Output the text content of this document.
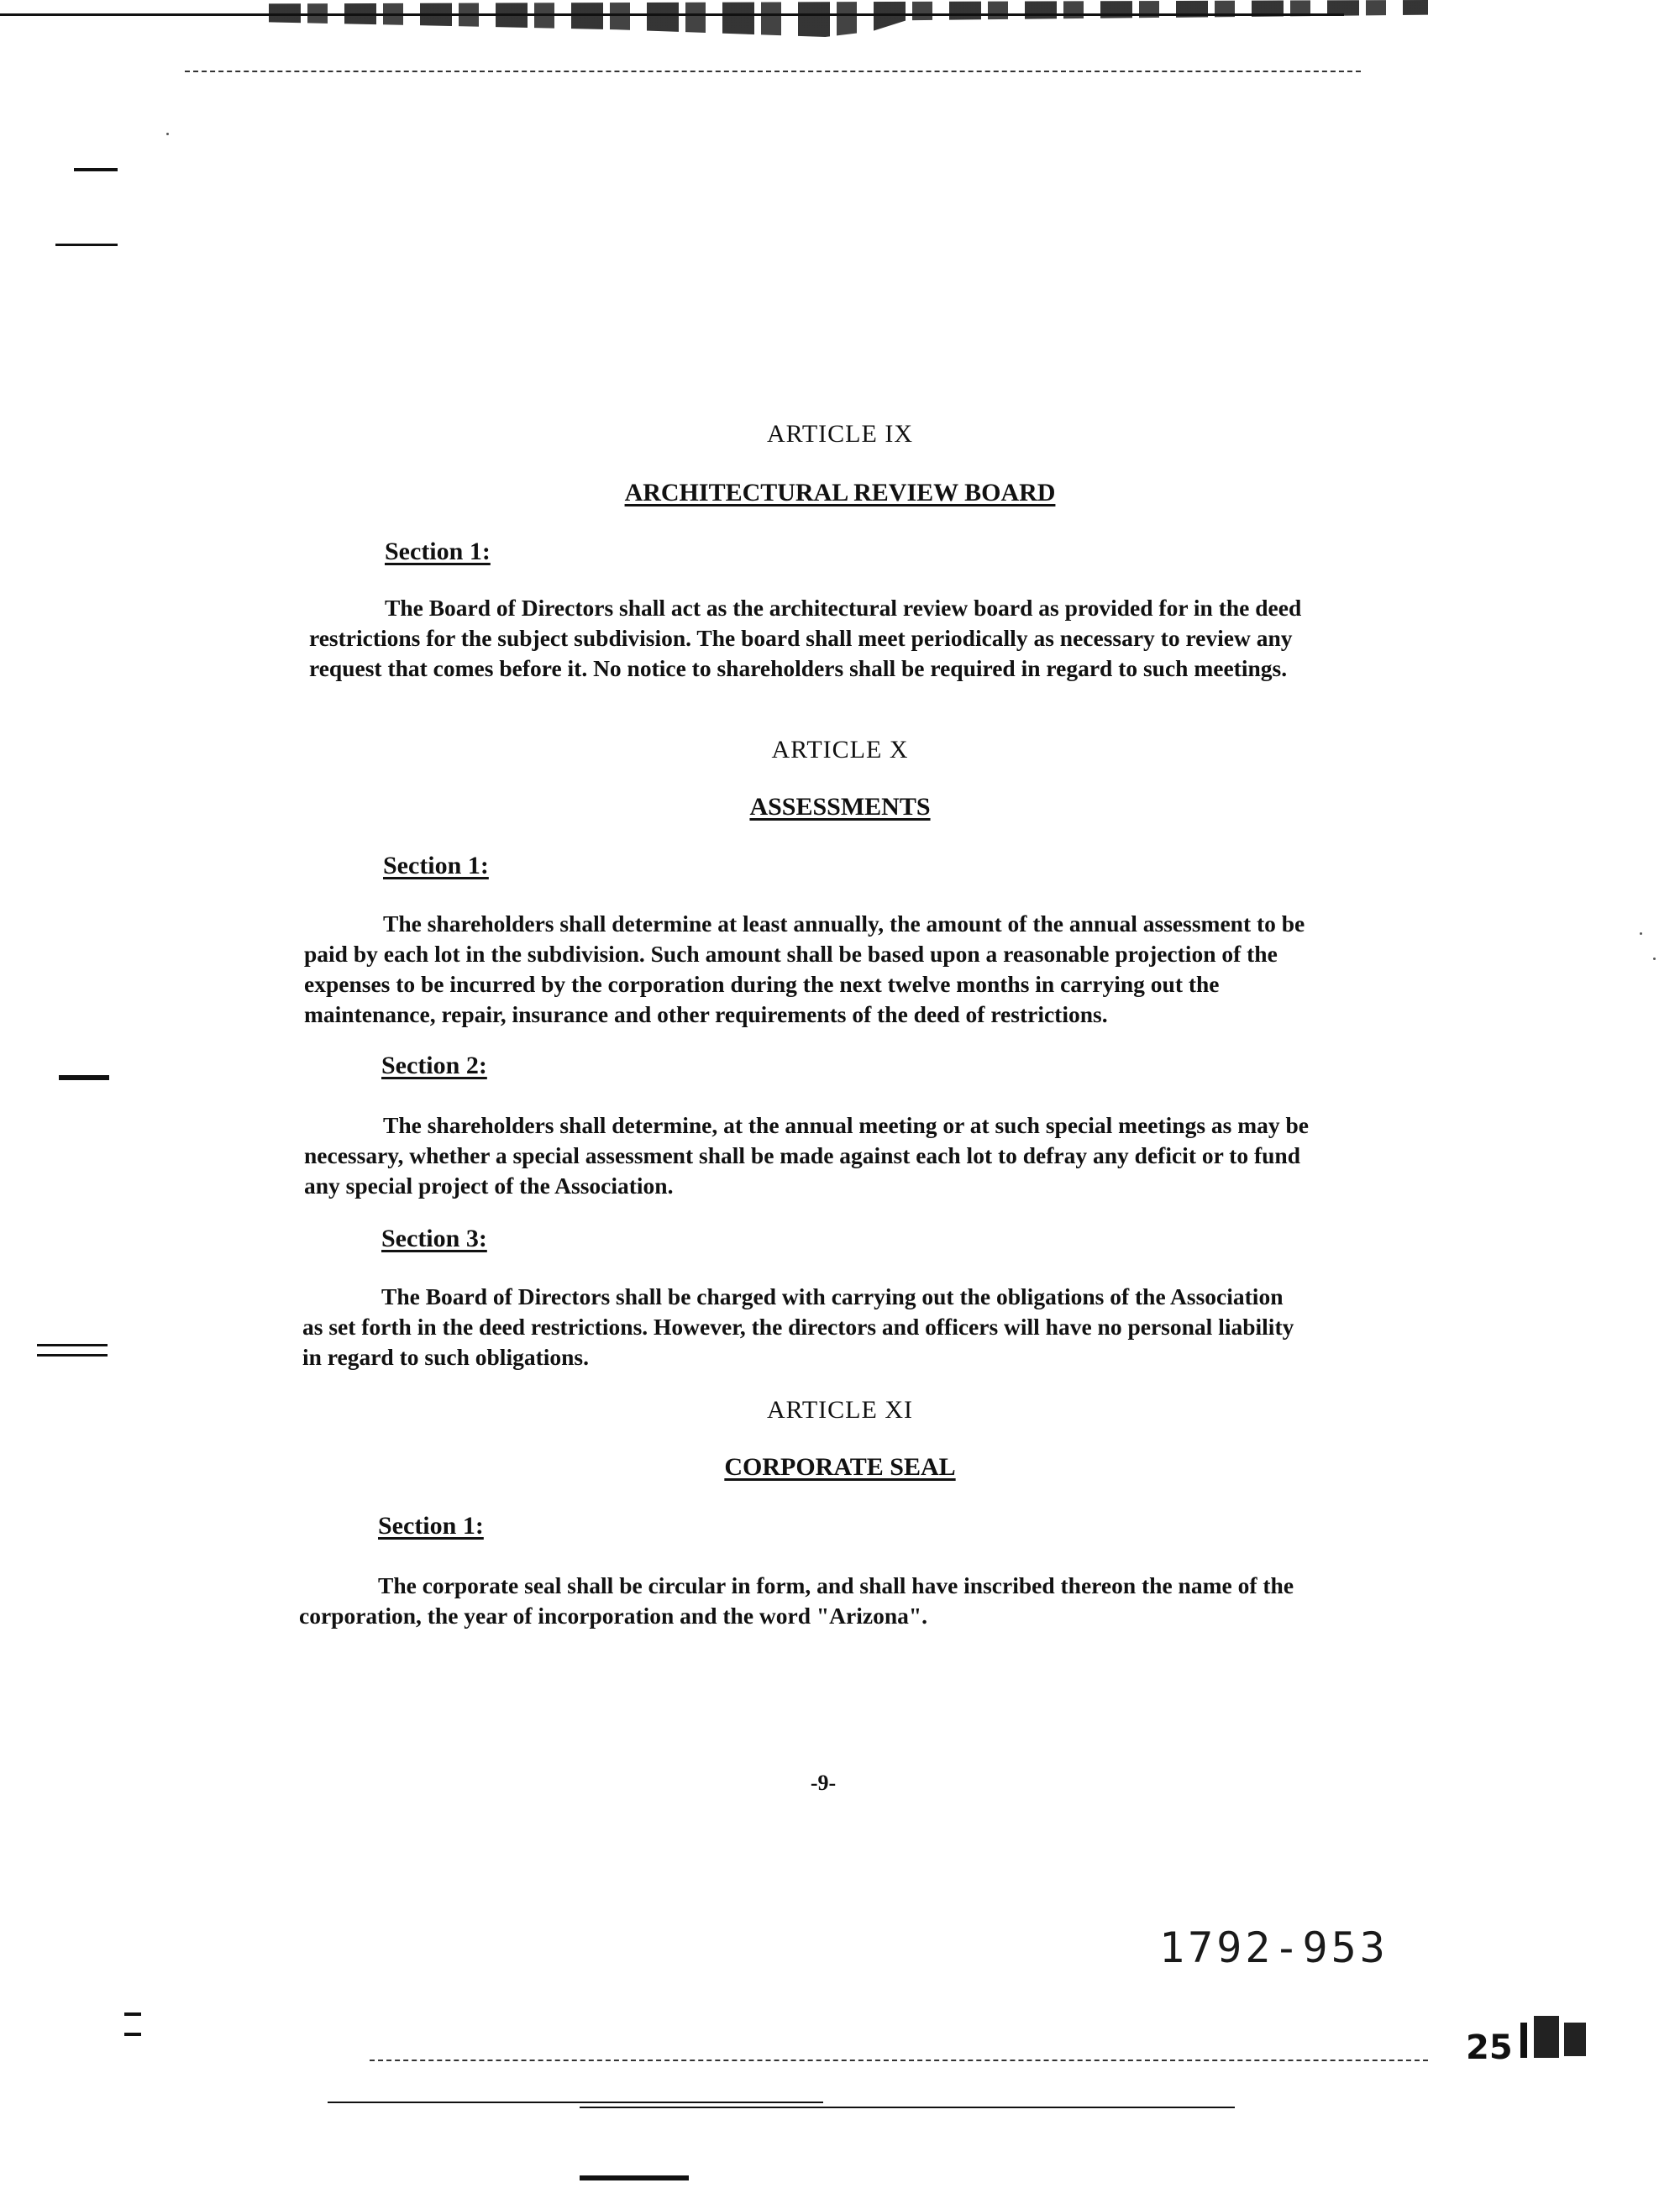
ARTICLE IX
ARCHITECTURAL REVIEW BOARD
Section 1:
The Board of Directors shall act as the architectural review board as provided for in the deed
restrictions for the subject subdivision. The board shall meet periodically as necessary to review any
request that comes before it. No notice to shareholders shall be required in regard to such meetings.
ARTICLE X
ASSESSMENTS
Section 1:
The shareholders shall determine at least annually, the amount of the annual assessment to be
paid by each lot in the subdivision. Such amount shall be based upon a reasonable projection of the
expenses to be incurred by the corporation during the next twelve months in carrying out the
maintenance, repair, insurance and other requirements of the deed of restrictions.
Section 2:
The shareholders shall determine, at the annual meeting or at such special meetings as may be
necessary, whether a special assessment shall be made against each lot to defray any deficit or to fund
any special project of the Association.
Section 3:
The Board of Directors shall be charged with carrying out the obligations of the Association
as set forth in the deed restrictions. However, the directors and officers will have no personal liability
in regard to such obligations.
ARTICLE XI
CORPORATE SEAL
Section 1:
The corporate seal shall be circular in form, and shall have inscribed thereon the name of the
corporation, the year of incorporation and the word "Arizona".
-9-
1792-953
25
